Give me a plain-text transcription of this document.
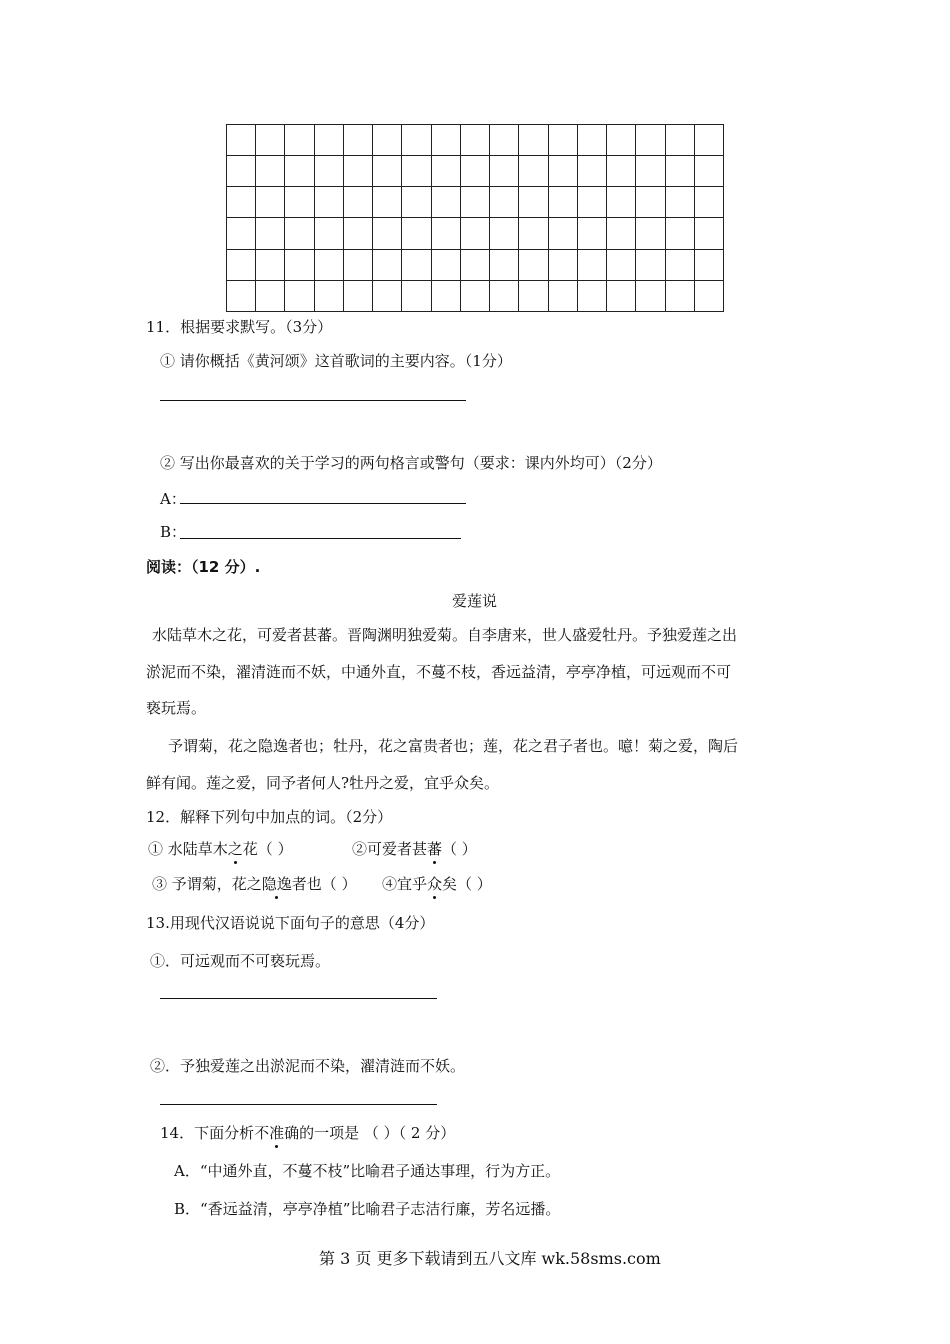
11．根据要求默写。（3分）
① 请你概括《黄河颂》这首歌词的主要内容。（1分）
② 写出你最喜欢的关于学习的两句格言或警句（要求：课内外均可）（2分）
A：
B：
阅读：（12 分）.
爱莲说
水陆草木之花，可爱者甚蕃。晋陶渊明独爱菊。自李唐来，世人盛爱牡丹。予独爱莲之出
淤泥而不染，濯清涟而不妖，中通外直，不蔓不枝，香远益清，亭亭净植，可远观而不可
亵玩焉。
予谓菊，花之隐逸者也；牡丹，花之富贵者也；莲，花之君子者也。噫！菊之爱，陶后
鲜有闻。莲之爱，同予者何人?牡丹之爱，宜乎众矣。
12．解释下列句中加点的词。（2分）
① 水陆草木之花（ ）	②可爱者甚蕃（ ）
③ 予谓菊，花之隐逸者也（ ） ④宜乎众矣（ ）
13.用现代汉语说说下面句子的意思（4分）
①．可远观而不可亵玩焉。
②．予独爱莲之出淤泥而不染，濯清涟而不妖。
14．下面分析不准确的一项是 （ ）（ 2 分）
A．“中通外直，不蔓不枝”比喻君子通达事理，行为方正。
B．“香远益清，亭亭净植”比喻君子志洁行廉，芳名远播。
第 3 页 更多下载请到五八文库 wk.58sms.com
